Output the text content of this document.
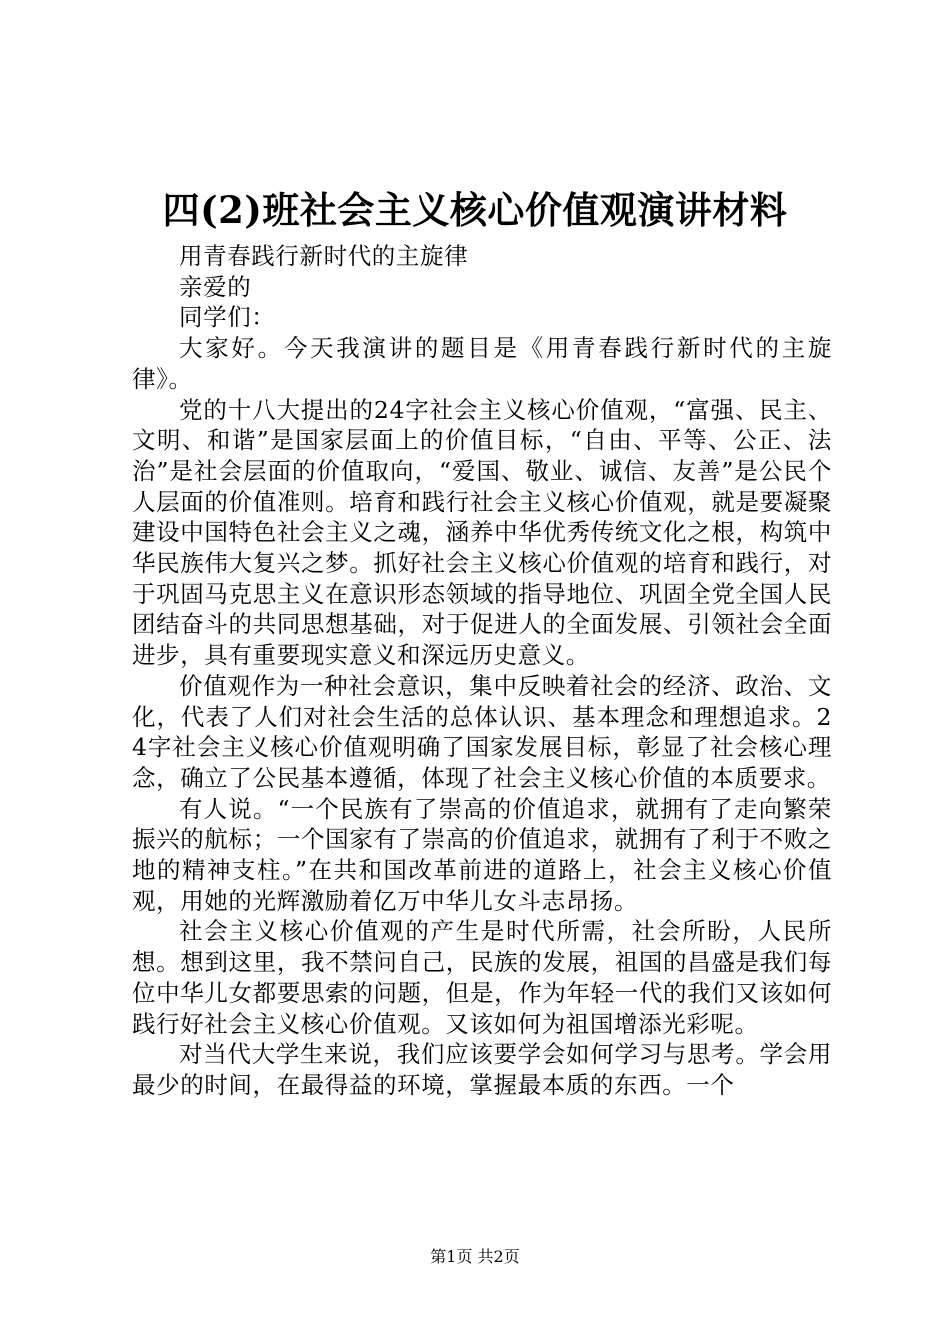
四(2)班社会主义核心价值观演讲材料

用青春践行新时代的主旋律

亲爱的

同学们：

大家好。今天我演讲的题目是《用青春践行新时代的主旋律》。

党的十八大提出的24字社会主义核心价值观，“富强、民主、文明、和谐”是国家层面上的价值目标，“自由、平等、公正、法治”是社会层面的价值取向，“爱国、敬业、诚信、友善”是公民个人层面的价值准则。培育和践行社会主义核心价值观，就是要凝聚建设中国特色社会主义之魂，涵养中华优秀传统文化之根，构筑中华民族伟大复兴之梦。抓好社会主义核心价值观的培育和践行，对于巩固马克思主义在意识形态领域的指导地位、巩固全党全国人民团结奋斗的共同思想基础，对于促进人的全面发展、引领社会全面进步，具有重要现实意义和深远历史意义。

价值观作为一种社会意识，集中反映着社会的经济、政治、文化，代表了人们对社会生活的总体认识、基本理念和理想追求。24字社会主义核心价值观明确了国家发展目标，彰显了社会核心理念，确立了公民基本遵循，体现了社会主义核心价值的本质要求。

有人说。“一个民族有了崇高的价值追求，就拥有了走向繁荣振兴的航标；一个国家有了崇高的价值追求，就拥有了利于不败之地的精神支柱。”在共和国改革前进的道路上，社会主义核心价值观，用她的光辉激励着亿万中华儿女斗志昂扬。

社会主义核心价值观的产生是时代所需，社会所盼，人民所想。想到这里，我不禁问自己，民族的发展，祖国的昌盛是我们每位中华儿女都要思索的问题，但是，作为年轻一代的我们又该如何践行好社会主义核心价值观。又该如何为祖国增添光彩呢。

对当代大学生来说，我们应该要学会如何学习与思考。学会用最少的时间，在最得益的环境，掌握最本质的东西。一个

第1页 共2页
